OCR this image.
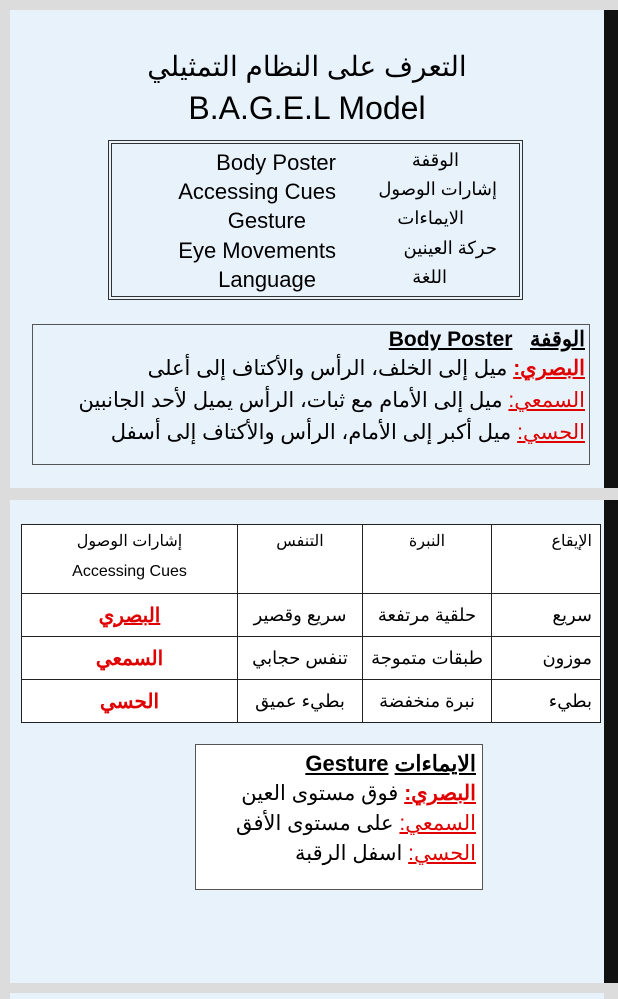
التعرف على النظام التمثيلي
B.A.G.E.L Model
Body Poster	الوقفة
Accessing Cues إشارات الوصول
Gesture	الايماءات
Eye Movements	حركة العينين
Language	اللغة
الوقفة   Body Poster
البصري: ميل إلى الخلف، الرأس والأكتاف إلى أعلى
السمعي: ميل إلى الأمام مع ثبات، الرأس يميل لأحد الجانبين
الحسي: ميل أكبر إلى الأمام، الرأس والأكتاف إلى أسفل
الإيقاع	النبرة	التنفس	إشارات الوصول
Accessing Cues

سريع	حلقية مرتفعة	سريع وقصير	البصري
موزون	طبقات متموجة	تنفس حجابي	السمعي
بطيء	نبرة منخفضة	بطيء عميق	الحسي
الايماءات Gesture
البصري: فوق مستوى العين
السمعي: على مستوى الأفق
الحسي: اسفل الرقبة
